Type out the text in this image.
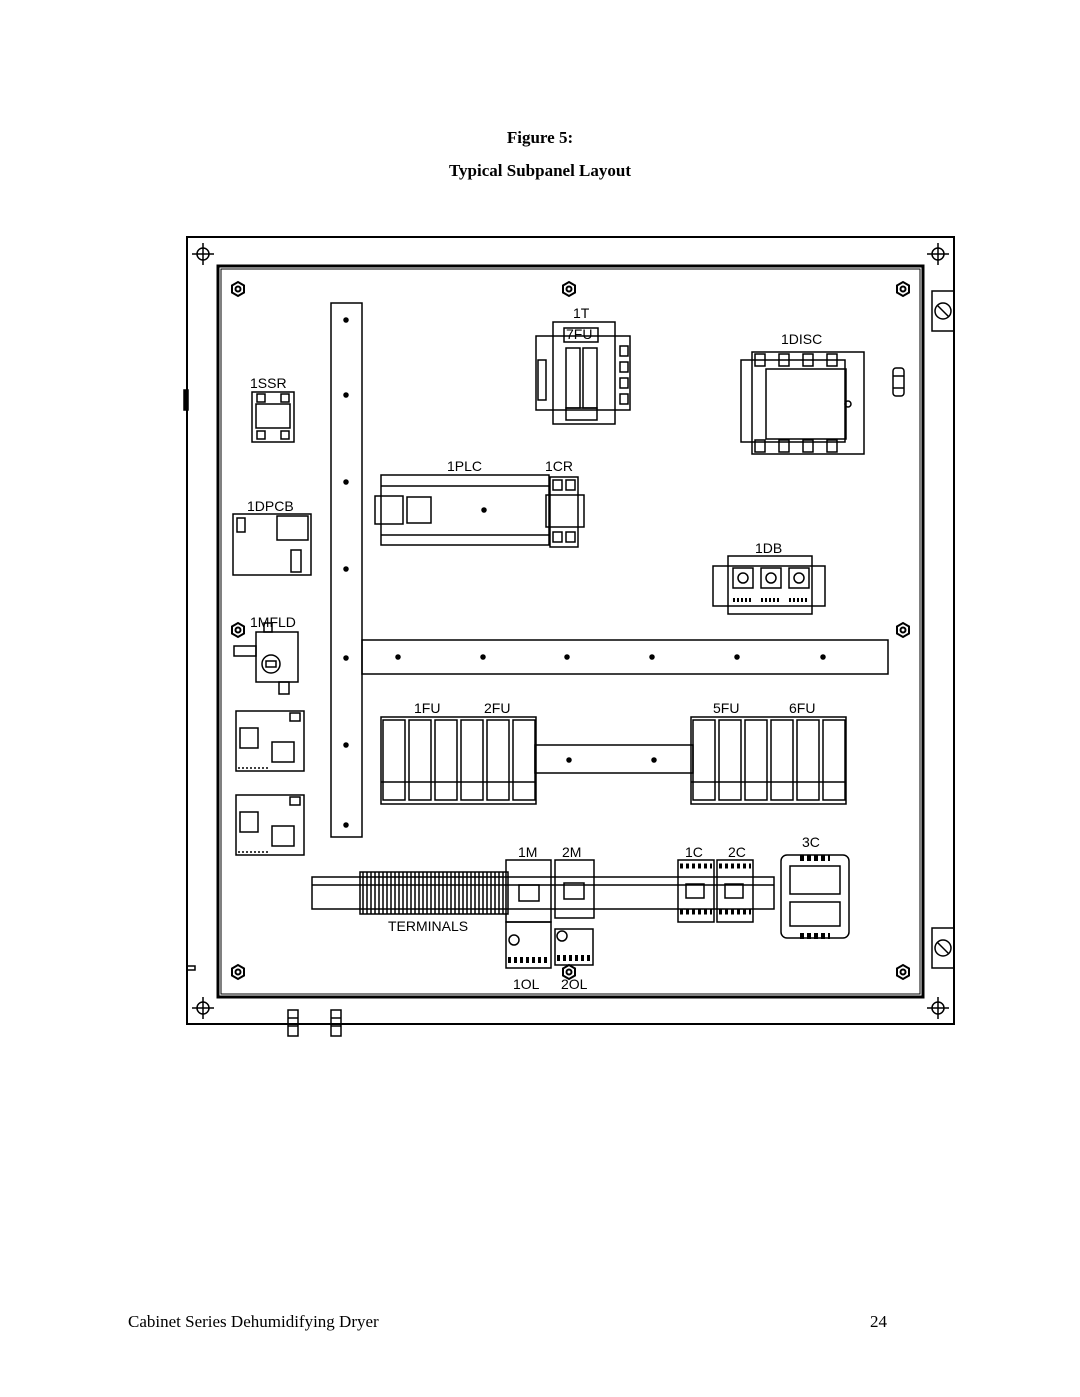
Figure 5:
Typical Subpanel Layout
1SSR
1DPCB
1MFLD
1T
7FU	1DISC
1PLC	1CR
1DB
1FU	2FU	5FU	6FU
TERMINALS
1M 2M
1OL 2OL
1C 2C
3C
Cabinet Series Dehumidifying Dryer	24
